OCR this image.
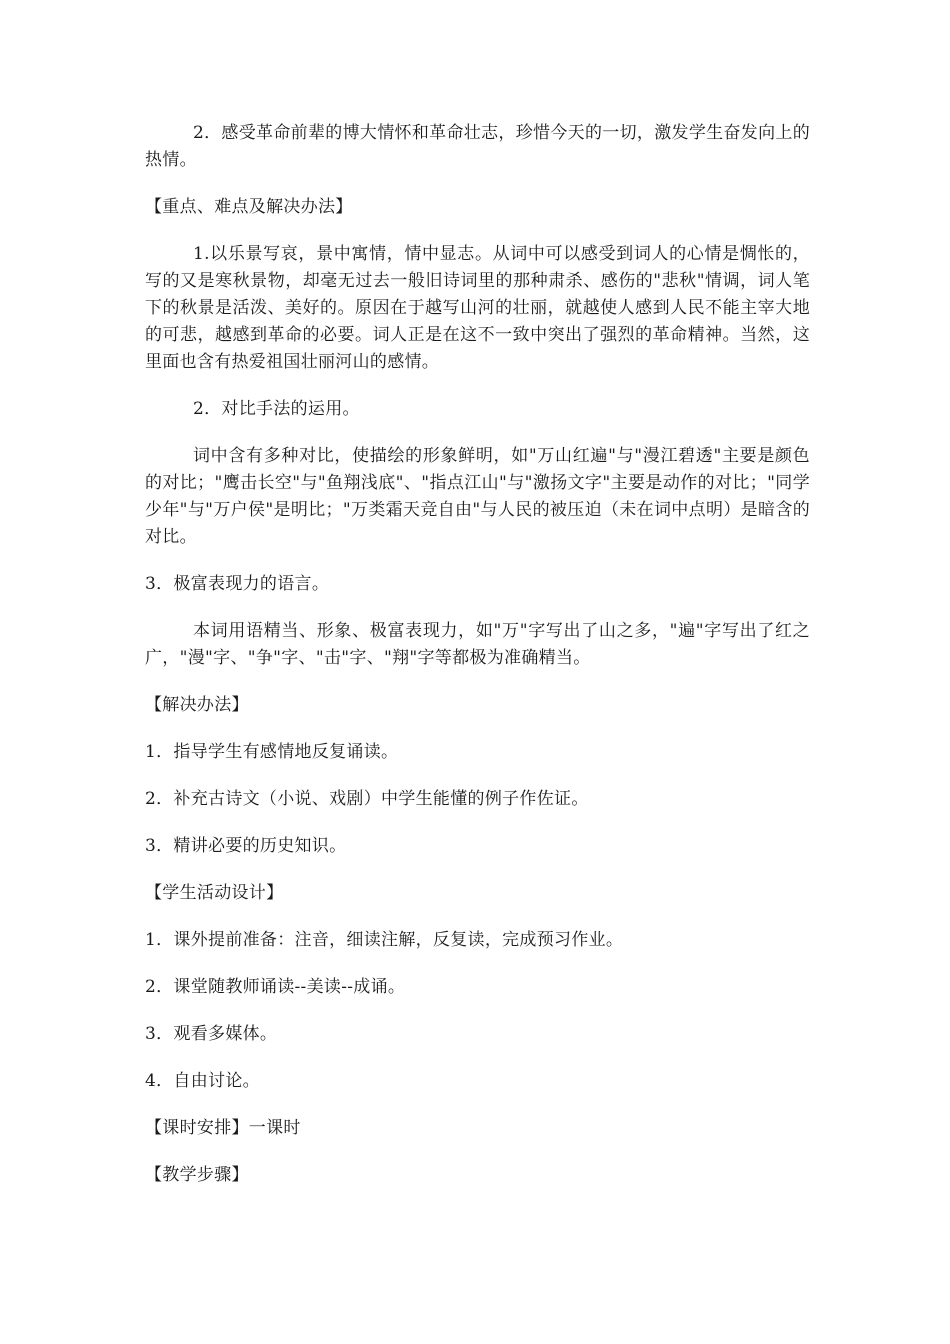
2．感受革命前辈的博大情怀和革命壮志，珍惜今天的一切，激发学生奋发向上的热情。

【重点、难点及解决办法】

1.以乐景写哀，景中寓情，情中显志。从词中可以感受到词人的心情是惆怅的，写的又是寒秋景物，却毫无过去一般旧诗词里的那种肃杀、感伤的"悲秋"情调，词人笔下的秋景是活泼、美好的。原因在于越写山河的壮丽，就越使人感到人民不能主宰大地的可悲，越感到革命的必要。词人正是在这不一致中突出了强烈的革命精神。当然，这里面也含有热爱祖国壮丽河山的感情。

2．对比手法的运用。

词中含有多种对比，使描绘的形象鲜明，如"万山红遍"与"漫江碧透"主要是颜色的对比；"鹰击长空"与"鱼翔浅底"、"指点江山"与"激扬文字"主要是动作的对比；"同学少年"与"万户侯"是明比；"万类霜天竞自由"与人民的被压迫（未在词中点明）是暗含的对比。

3．极富表现力的语言。

本词用语精当、形象、极富表现力，如"万"字写出了山之多，"遍"字写出了红之广，"漫"字、"争"字、"击"字、"翔"字等都极为准确精当。

【解决办法】

1．指导学生有感情地反复诵读。

2．补充古诗文（小说、戏剧）中学生能懂的例子作佐证。

3．精讲必要的历史知识。

【学生活动设计】

1．课外提前准备：注音，细读注解，反复读，完成预习作业。

2．课堂随教师诵读--美读--成诵。

3．观看多媒体。

4．自由讨论。

【课时安排】一课时

【教学步骤】
